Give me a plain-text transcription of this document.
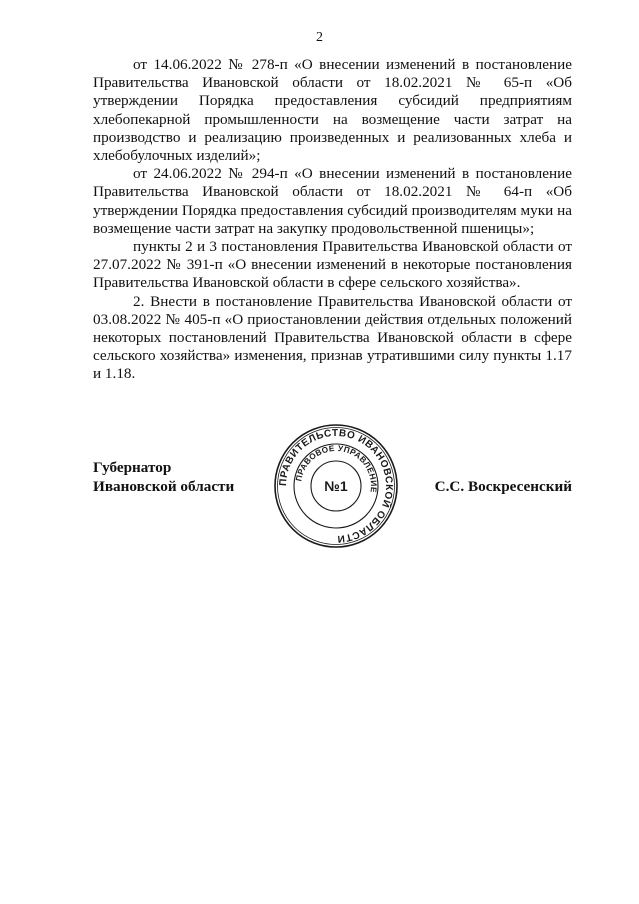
2

от 14.06.2022 № 278-п «О внесении изменений в постановление Правительства Ивановской области от 18.02.2021 № 65-п «Об утверждении Порядка предоставления субсидий предприятиям хлебопекарной промышленности на возмещение части затрат на производство и реализацию произведенных и реализованных хлеба и хлебобулочных изделий»;

от 24.06.2022 № 294-п «О внесении изменений в постановление Правительства Ивановской области от 18.02.2021 № 64-п «Об утверждении Порядка предоставления субсидий производителям муки на возмещение части затрат на закупку продовольственной пшеницы»;

пункты 2 и 3 постановления Правительства Ивановской области от 27.07.2022 № 391-п «О внесении изменений в некоторые постановления Правительства Ивановской области в сфере сельского хозяйства».

2. Внести в постановление Правительства Ивановской области от 03.08.2022 № 405-п «О приостановлении действия отдельных положений некоторых постановлений Правительства Ивановской области в сфере сельского хозяйства» изменения, признав утратившими силу пункты 1.17 и 1.18.

Губернатор
Ивановской области	С.С. Воскресенский
ПРАВИТЕЛЬСТВО ИВАНОВСКОЙ ОБЛАСТИ
ПРАВОВОЕ УПРАВЛЕНИЕ
№1
